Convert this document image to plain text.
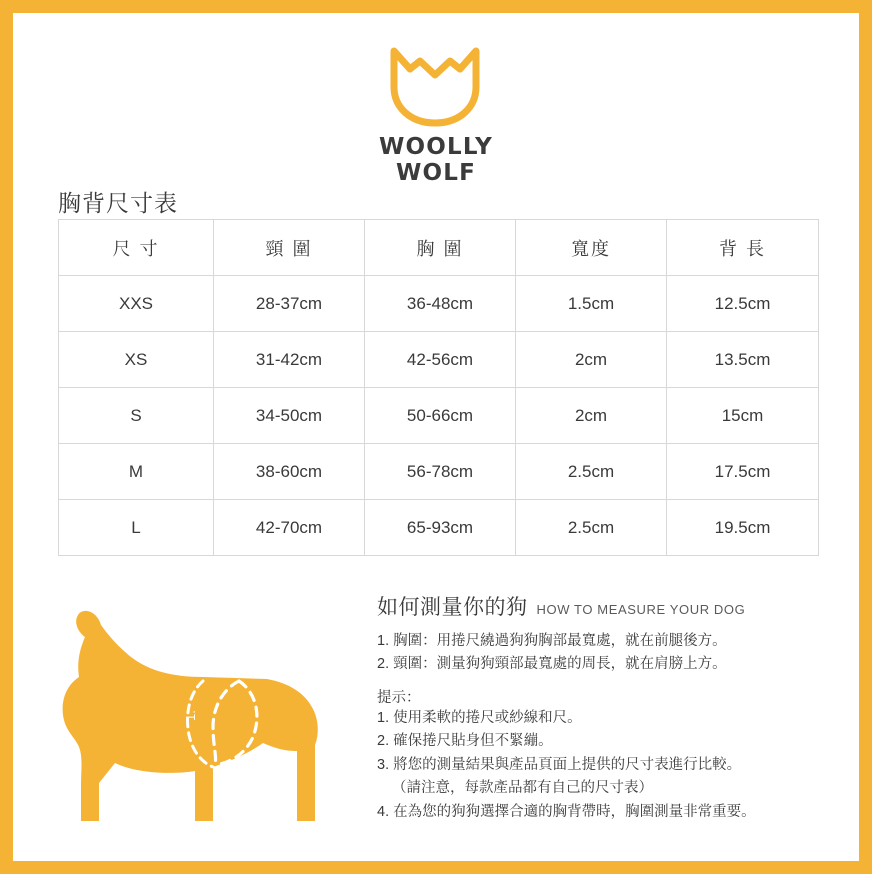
WOOLLY
WOLF
胸背尺寸表
尺 寸	頸 圍	胸 圍	寬度	背 長
XXS	28-37cm	36-48cm	1.5cm	12.5cm
XS	31-42cm	42-56cm	2cm	13.5cm
S	34-50cm	50-66cm	2cm	15cm
M	38-60cm	56-78cm	2.5cm	17.5cm
L	42-70cm	65-93cm	2.5cm	19.5cm
2.
1.
如何測量你的狗 HOW TO MEASURE YOUR DOG
1. 胸圍：用捲尺繞過狗狗胸部最寬處，就在前腿後方。
2. 頸圍：測量狗狗頸部最寬處的周長，就在肩膀上方。
提示：
1. 使用柔軟的捲尺或紗線和尺。
2. 確保捲尺貼身但不緊繃。
3. 將您的測量結果與產品頁面上提供的尺寸表進行比較。
（請注意，每款產品都有自己的尺寸表）
4. 在為您的狗狗選擇合適的胸背帶時，胸圍測量非常重要。
